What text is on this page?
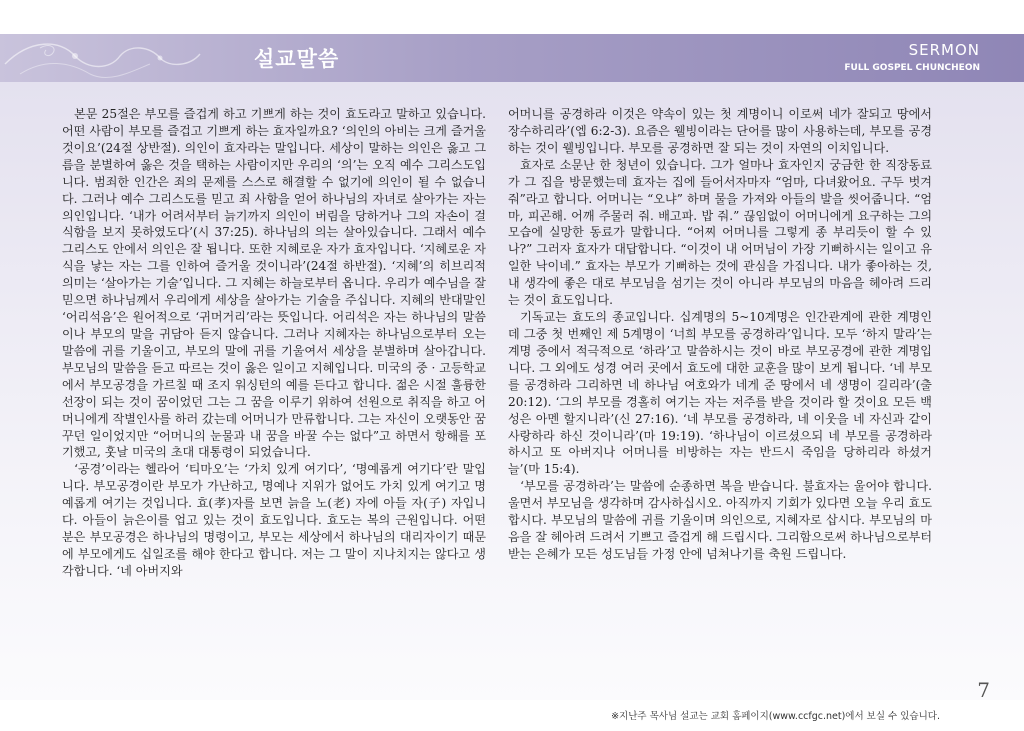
설교말씀	SERMON
FULL GOSPEL CHUNCHEON

본문 25절은 부모를 즐겁게 하고 기쁘게 하는 것이 효도라고 말하고 있습니다. 어떤 사람이 부모를 즐겁고 기쁘게 하는 효자일까요? ‘의인의 아비는 크게 즐거울 것이요’(24절 상반절). 의인이 효자라는 말입니다. 세상이 말하는 의인은 옳고 그름을 분별하여 옳은 것을 택하는 사람이지만 우리의 ‘의’는 오직 예수 그리스도입니다. 범죄한 인간은 죄의 문제를 스스로 해결할 수 없기에 의인이 될 수 없습니다. 그러나 예수 그리스도를 믿고 죄 사함을 얻어 하나님의 자녀로 살아가는 자는 의인입니다. ‘내가 어려서부터 늙기까지 의인이 버림을 당하거나 그의 자손이 걸식함을 보지 못하였도다’(시 37:25). 하나님의 의는 살아있습니다. 그래서 예수 그리스도 안에서 의인은 잘 됩니다. 또한 지혜로운 자가 효자입니다. ‘지혜로운 자식을 낳는 자는 그를 인하여 즐거울 것이니라’(24절 하반절). ‘지혜’의 히브리적 의미는 ‘살아가는 기술’입니다. 그 지혜는 하늘로부터 옵니다. 우리가 예수님을 잘 믿으면 하나님께서 우리에게 세상을 살아가는 기술을 주십니다. 지혜의 반대말인 ‘어리석음’은 원어적으로 ‘귀머거리’라는 뜻입니다. 어리석은 자는 하나님의 말씀이나 부모의 말을 귀담아 듣지 않습니다. 그러나 지혜자는 하나님으로부터 오는 말씀에 귀를 기울이고, 부모의 말에 귀를 기울여서 세상을 분별하며 살아갑니다. 부모님의 말씀을 듣고 따르는 것이 옳은 일이고 지혜입니다. 미국의 중 · 고등학교에서 부모공경을 가르칠 때 조지 워싱턴의 예를 든다고 합니다. 젊은 시절 훌륭한 선장이 되는 것이 꿈이었던 그는 그 꿈을 이루기 위하여 선원으로 취직을 하고 어머니에게 작별인사를 하러 갔는데 어머니가 만류합니다. 그는 자신이 오랫동안 꿈꾸던 일이었지만 “어머니의 눈물과 내 꿈을 바꿀 수는 없다”고 하면서 항해를 포기했고, 훗날 미국의 초대 대통령이 되었습니다.

‘공경’이라는 헬라어 ‘티마오’는 ‘가치 있게 여기다’, ‘명예롭게 여기다’란 말입니다. 부모공경이란 부모가 가난하고, 명예나 지위가 없어도 가치 있게 여기고 명예롭게 여기는 것입니다. 효(孝)자를 보면 늙을 노(老) 자에 아들 자(子) 자입니다. 아들이 늙은이를 업고 있는 것이 효도입니다. 효도는 복의 근원입니다. 어떤 분은 부모공경은 하나님의 명령이고, 부모는 세상에서 하나님의 대리자이기 때문에 부모에게도 십일조를 해야 한다고 합니다. 저는 그 말이 지나치지는 않다고 생각합니다. ‘네 아버지와

어머니를 공경하라 이것은 약속이 있는 첫 계명이니 이로써 네가 잘되고 땅에서 장수하리라’(엡 6:2-3). 요즘은 웰빙이라는 단어를 많이 사용하는데, 부모를 공경하는 것이 웰빙입니다. 부모를 공경하면 잘 되는 것이 자연의 이치입니다.

효자로 소문난 한 청년이 있습니다. 그가 얼마나 효자인지 궁금한 한 직장동료가 그 집을 방문했는데 효자는 집에 들어서자마자 “엄마, 다녀왔어요. 구두 벗겨 줘”라고 합니다. 어머니는 “오냐” 하며 물을 가져와 아들의 발을 씻어줍니다. “엄마, 피곤해. 어깨 주물러 줘. 배고파. 밥 줘.” 끊임없이 어머니에게 요구하는 그의 모습에 실망한 동료가 말합니다. “어찌 어머니를 그렇게 종 부리듯이 할 수 있나?” 그러자 효자가 대답합니다. “이것이 내 어머님이 가장 기뻐하시는 일이고 유일한 낙이네.” 효자는 부모가 기뻐하는 것에 관심을 가집니다. 내가 좋아하는 것, 내 생각에 좋은 대로 부모님을 섬기는 것이 아니라 부모님의 마음을 헤아려 드리는 것이 효도입니다.

기독교는 효도의 종교입니다. 십계명의 5~10계명은 인간관계에 관한 계명인데 그중 첫 번째인 제 5계명이 ‘너희 부모를 공경하라’입니다. 모두 ‘하지 말라’는 계명 중에서 적극적으로 ‘하라’고 말씀하시는 것이 바로 부모공경에 관한 계명입니다. 그 외에도 성경 여러 곳에서 효도에 대한 교훈을 많이 보게 됩니다. ‘네 부모를 공경하라 그리하면 네 하나님 여호와가 네게 준 땅에서 네 생명이 길리라’(출 20:12). ‘그의 부모를 경홀히 여기는 자는 저주를 받을 것이라 할 것이요 모든 백성은 아멘 할지니라’(신 27:16). ‘네 부모를 공경하라, 네 이웃을 네 자신과 같이 사랑하라 하신 것이니라’(마 19:19). ‘하나님이 이르셨으되 네 부모를 공경하라 하시고 또 아버지나 어머니를 비방하는 자는 반드시 죽임을 당하리라 하셨거늘’(마 15:4).

‘부모를 공경하라’는 말씀에 순종하면 복을 받습니다. 불효자는 울어야 합니다. 울면서 부모님을 생각하며 감사하십시오. 아직까지 기회가 있다면 오늘 우리 효도합시다. 부모님의 말씀에 귀를 기울이며 의인으로, 지혜자로 삽시다. 부모님의 마음을 잘 헤아려 드려서 기쁘고 즐겁게 해 드립시다. 그리함으로써 하나님으로부터 받는 은혜가 모든 성도님들 가정 안에 넘쳐나기를 축원 드립니다.

7
※지난주 목사님 설교는 교회 홈페이지(www.ccfgc.net)에서 보실 수 있습니다.
